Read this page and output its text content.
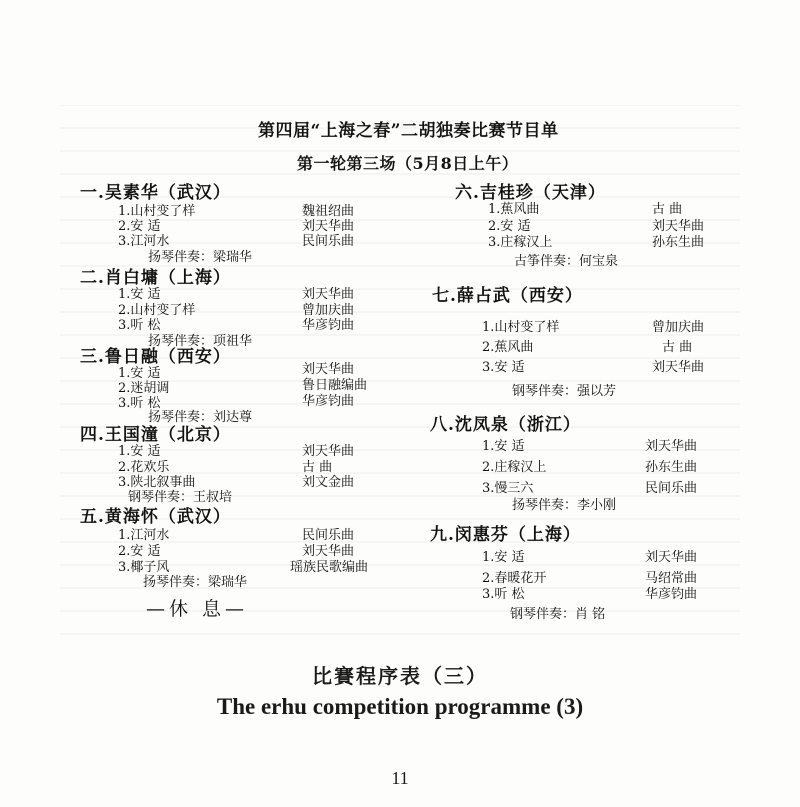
第四届“上海之春”二胡独奏比赛节目单
第一轮第三场（5月8日上午）
一.吴素华（武汉）
1.山村变了样	魏祖绍曲
2.安 适	刘天华曲
3.江河水	民间乐曲
扬琴伴奏：梁瑞华
二.肖白墉（上海）
1.安 适	刘天华曲
2.山村变了样	曾加庆曲
3.听 松	华彦钧曲
扬琴伴奏：项祖华
三.鲁日融（西安）
1.安 适	刘天华曲
2.迷胡调	鲁日融编曲
3.听 松	华彦钧曲
扬琴伴奏：刘达尊
四.王国潼（北京）
1.安 适	刘天华曲
2.花欢乐	古 曲
3.陕北叙事曲	刘文金曲
钢琴伴奏：王叔培
五.黄海怀（武汉）
1.江河水	民间乐曲
2.安 适	刘天华曲
3.椰子风	瑶族民歌编曲
扬琴伴奏：梁瑞华
—休 息—
六.吉桂珍（天津）
1.蕉风曲	古 曲
2.安 适	刘天华曲
3.庄稼汉上	孙东生曲
古筝伴奏：何宝泉
七.薛占武（西安）
1.山村变了样	曾加庆曲
2.蕉风曲	古 曲
3.安 适	刘天华曲
钢琴伴奏：强以芳
八.沈凤泉（浙江）
1.安 适	刘天华曲
2.庄稼汉上	孙东生曲
3.慢三六	民间乐曲
扬琴伴奏：李小刚
九.闵惠芬（上海）
1.安 适	刘天华曲
2.春暖花开	马绍常曲
3.听 松	华彦钧曲
钢琴伴奏：肖 铭
比賽程序表（三）
The erhu competition programme (3)
11
